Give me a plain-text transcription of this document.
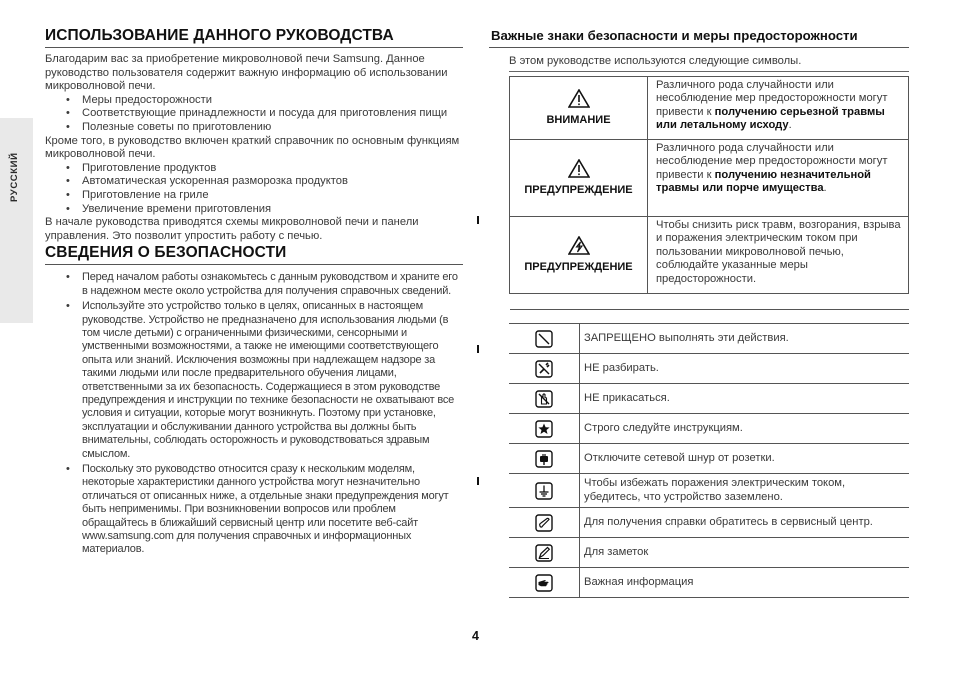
РУССКИЙ
ИСПОЛЬЗОВАНИЕ ДАННОГО РУКОВОДСТВА

Благодарим вас за приобретение микроволновой печи Samsung. Данное руководство пользователя содержит важную информацию об использовании микроволновой печи.

• Меры предосторожности
• Соответствующие принадлежности и посуда для приготовления пищи
• Полезные советы по приготовлению

Кроме того, в руководство включен краткий справочник по основным функциям микроволновой печи.

• Приготовление продуктов
• Автоматическая ускоренная разморозка продуктов
• Приготовление на гриле
• Увеличение времени приготовления

В начале руководства приводятся схемы микроволновой печи и панели управления. Это позволит упростить работу с печью.

СВЕДЕНИЯ О БЕЗОПАСНОСТИ
• Перед началом работы ознакомьтесь с данным руководством и храните его в надежном месте около устройства для получения справочных сведений.
• Используйте это устройство только в целях, описанных в настоящем руководстве. Устройство не предназначено для использования людьми (в том числе детьми) с ограниченными физическими, сенсорными и умственными возможностями, а также не имеющими соответствующего опыта или знаний. Исключения возможны при надлежащем надзоре за такими людьми или после предварительного обучения лицами, ответственными за их безопасность. Содержащиеся в этом руководстве предупреждения и инструкции по технике безопасности не охватывают все условия и ситуации, которые могут возникнуть. Поэтому при установке, эксплуатации и обслуживании данного устройства вы должны быть внимательны, соблюдать осторожность и руководствоваться здравым смыслом.
• Поскольку это руководство относится сразу к нескольким моделям, некоторые характеристики данного устройства могут незначительно отличаться от описанных ниже, а отдельные знаки предупреждения могут быть неприменимы. При возникновении вопросов или проблем обращайтесь в ближайший сервисный центр или посетите веб-сайт www.samsung.com для получения справочных и информационных материалов.
Важные знаки безопасности и меры предосторожности

В этом руководстве используются следующие символы.

ВНИМАНИЕ	Различного рода случайности или несоблюдение мер предосторожности могут привести к получению серьезной травмы или летальному исходу.

ПРЕДУПРЕЖДЕНИЕ	Различного рода случайности или несоблюдение мер предосторожности могут привести к получению незначительной травмы или порче имущества.

ПРЕДУПРЕЖДЕНИЕ	Чтобы снизить риск травм, возгорания, взрыва и поражения электрическим током при пользовании микроволновой печью, соблюдайте указанные меры предосторожности.

	ЗАПРЕЩЕНО выполнять эти действия.

	НЕ разбирать.

	НЕ прикасаться.

	Строго следуйте инструкциям.

	Отключите сетевой шнур от розетки.

	Чтобы избежать поражения электрическим током, убедитесь, что устройство заземлено.

	Для получения справки обратитесь в сервисный центр.

	Для заметок

	Важная информация
4
